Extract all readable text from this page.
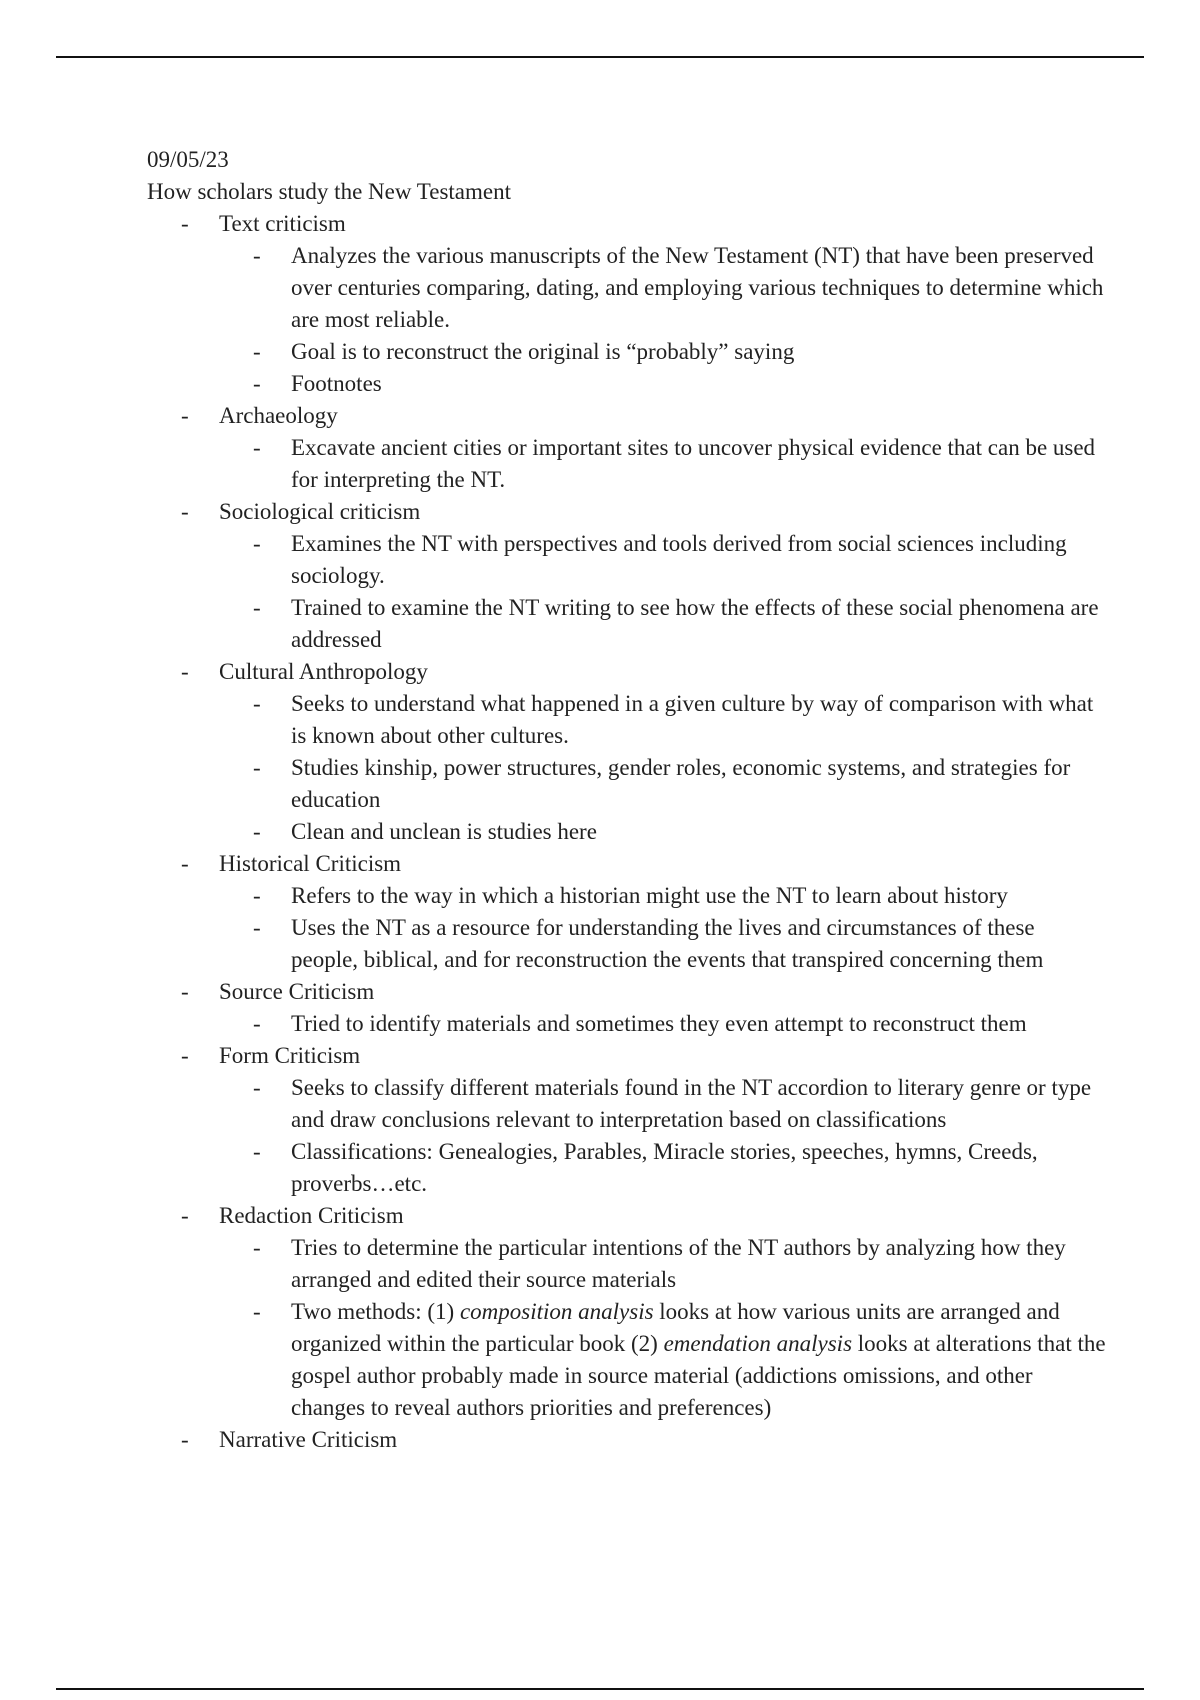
09/05/23

How scholars study the New Testament

- Text criticism
- Analyzes the various manuscripts of the New Testament (NT) that have been preserved over centuries comparing, dating, and employing various techniques to determine which are most reliable.
- Goal is to reconstruct the original is “probably” saying
- Footnotes
- Archaeology
- Excavate ancient cities or important sites to uncover physical evidence that can be used for interpreting the NT.
- Sociological criticism
- Examines the NT with perspectives and tools derived from social sciences including sociology.
- Trained to examine the NT writing to see how the effects of these social phenomena are addressed
- Cultural Anthropology
- Seeks to understand what happened in a given culture by way of comparison with what is known about other cultures.
- Studies kinship, power structures, gender roles, economic systems, and strategies for education
- Clean and unclean is studies here
- Historical Criticism
- Refers to the way in which a historian might use the NT to learn about history
- Uses the NT as a resource for understanding the lives and circumstances of these people, biblical, and for reconstruction the events that transpired concerning them
- Source Criticism
- Tried to identify materials and sometimes they even attempt to reconstruct them
- Form Criticism
- Seeks to classify different materials found in the NT accordion to literary genre or type and draw conclusions relevant to interpretation based on classifications
- Classifications: Genealogies, Parables, Miracle stories, speeches, hymns, Creeds, proverbs…etc.
- Redaction Criticism
- Tries to determine the particular intentions of the NT authors by analyzing how they arranged and edited their source materials
- Two methods: (1) composition analysis looks at how various units are arranged and organized within the particular book (2) emendation analysis looks at alterations that the gospel author probably made in source material (addictions omissions, and other changes to reveal authors priorities and preferences)
- Narrative Criticism
